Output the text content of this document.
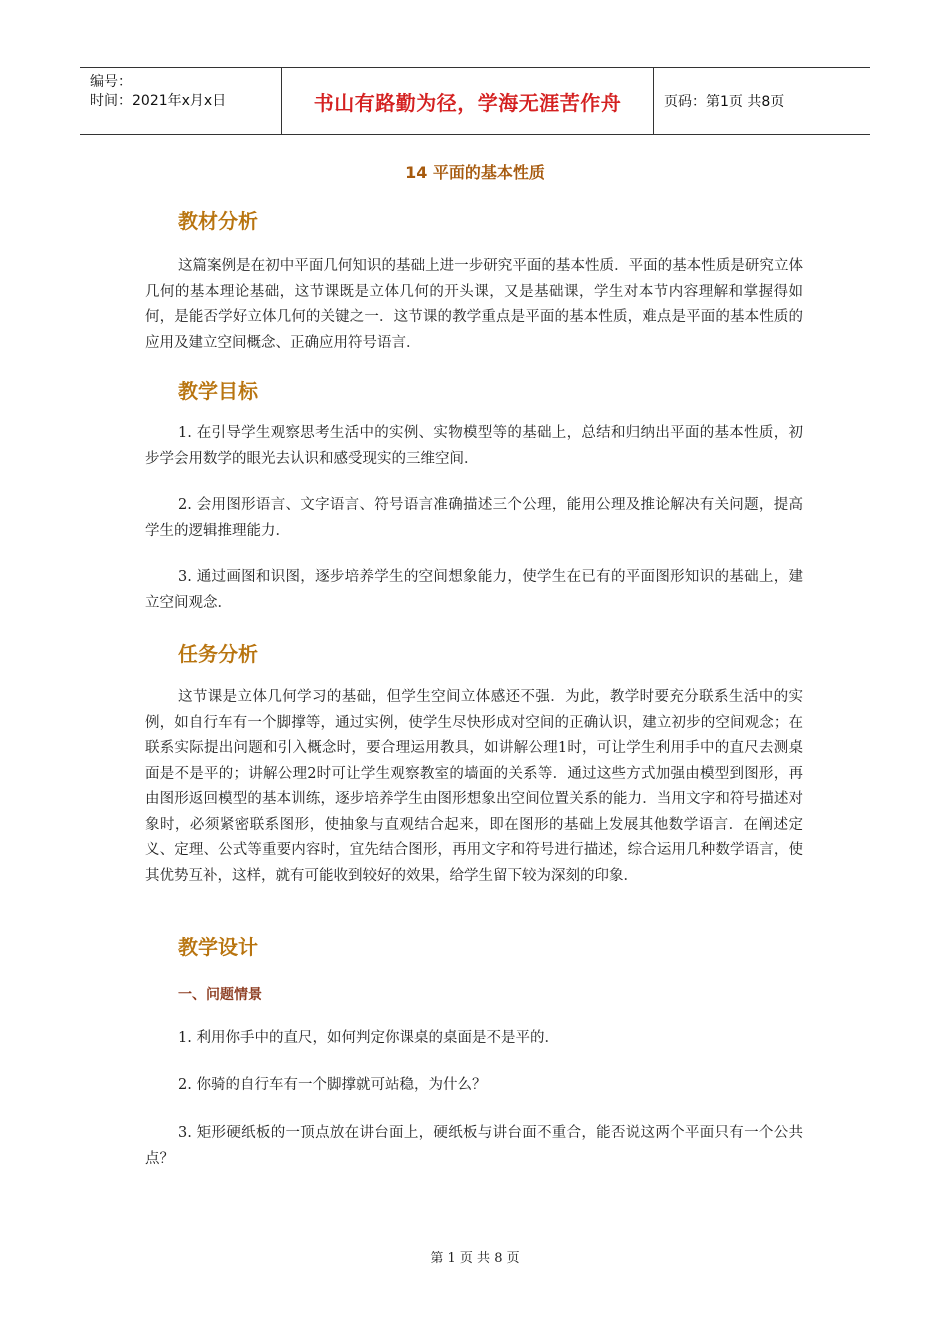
编号：
时间：2021年x月x日	书山有路勤为径，学海无涯苦作舟	页码：第1页 共8页
14 平面的基本性质
教材分析

这篇案例是在初中平面几何知识的基础上进一步研究平面的基本性质．平面的基本性质是研究立体几何的基本理论基础，这节课既是立体几何的开头课，又是基础课，学生对本节内容理解和掌握得如何，是能否学好立体几何的关键之一．这节课的教学重点是平面的基本性质，难点是平面的基本性质的应用及建立空间概念、正确应用符号语言．

教学目标

1. 在引导学生观察思考生活中的实例、实物模型等的基础上，总结和归纳出平面的基本性质，初步学会用数学的眼光去认识和感受现实的三维空间．

2. 会用图形语言、文字语言、符号语言准确描述三个公理，能用公理及推论解决有关问题，提高学生的逻辑推理能力．

3. 通过画图和识图，逐步培养学生的空间想象能力，使学生在已有的平面图形知识的基础上，建立空间观念．

任务分析

这节课是立体几何学习的基础，但学生空间立体感还不强．为此，教学时要充分联系生活中的实例，如自行车有一个脚撑等，通过实例，使学生尽快形成对空间的正确认识，建立初步的空间观念；在联系实际提出问题和引入概念时，要合理运用教具，如讲解公理1时，可让学生利用手中的直尺去测桌面是不是平的；讲解公理2时可让学生观察教室的墙面的关系等．通过这些方式加强由模型到图形，再由图形返回模型的基本训练，逐步培养学生由图形想象出空间位置关系的能力．当用文字和符号描述对象时，必须紧密联系图形，使抽象与直观结合起来，即在图形的基础上发展其他数学语言．在阐述定义、定理、公式等重要内容时，宜先结合图形，再用文字和符号进行描述，综合运用几种数学语言，使其优势互补，这样，就有可能收到较好的效果，给学生留下较为深刻的印象．

教学设计
一、问题情景

1. 利用你手中的直尺，如何判定你课桌的桌面是不是平的．

2. 你骑的自行车有一个脚撑就可站稳，为什么？

3. 矩形硬纸板的一顶点放在讲台面上，硬纸板与讲台面不重合，能否说这两个平面只有一个公共点？

第 1 页 共 8 页
